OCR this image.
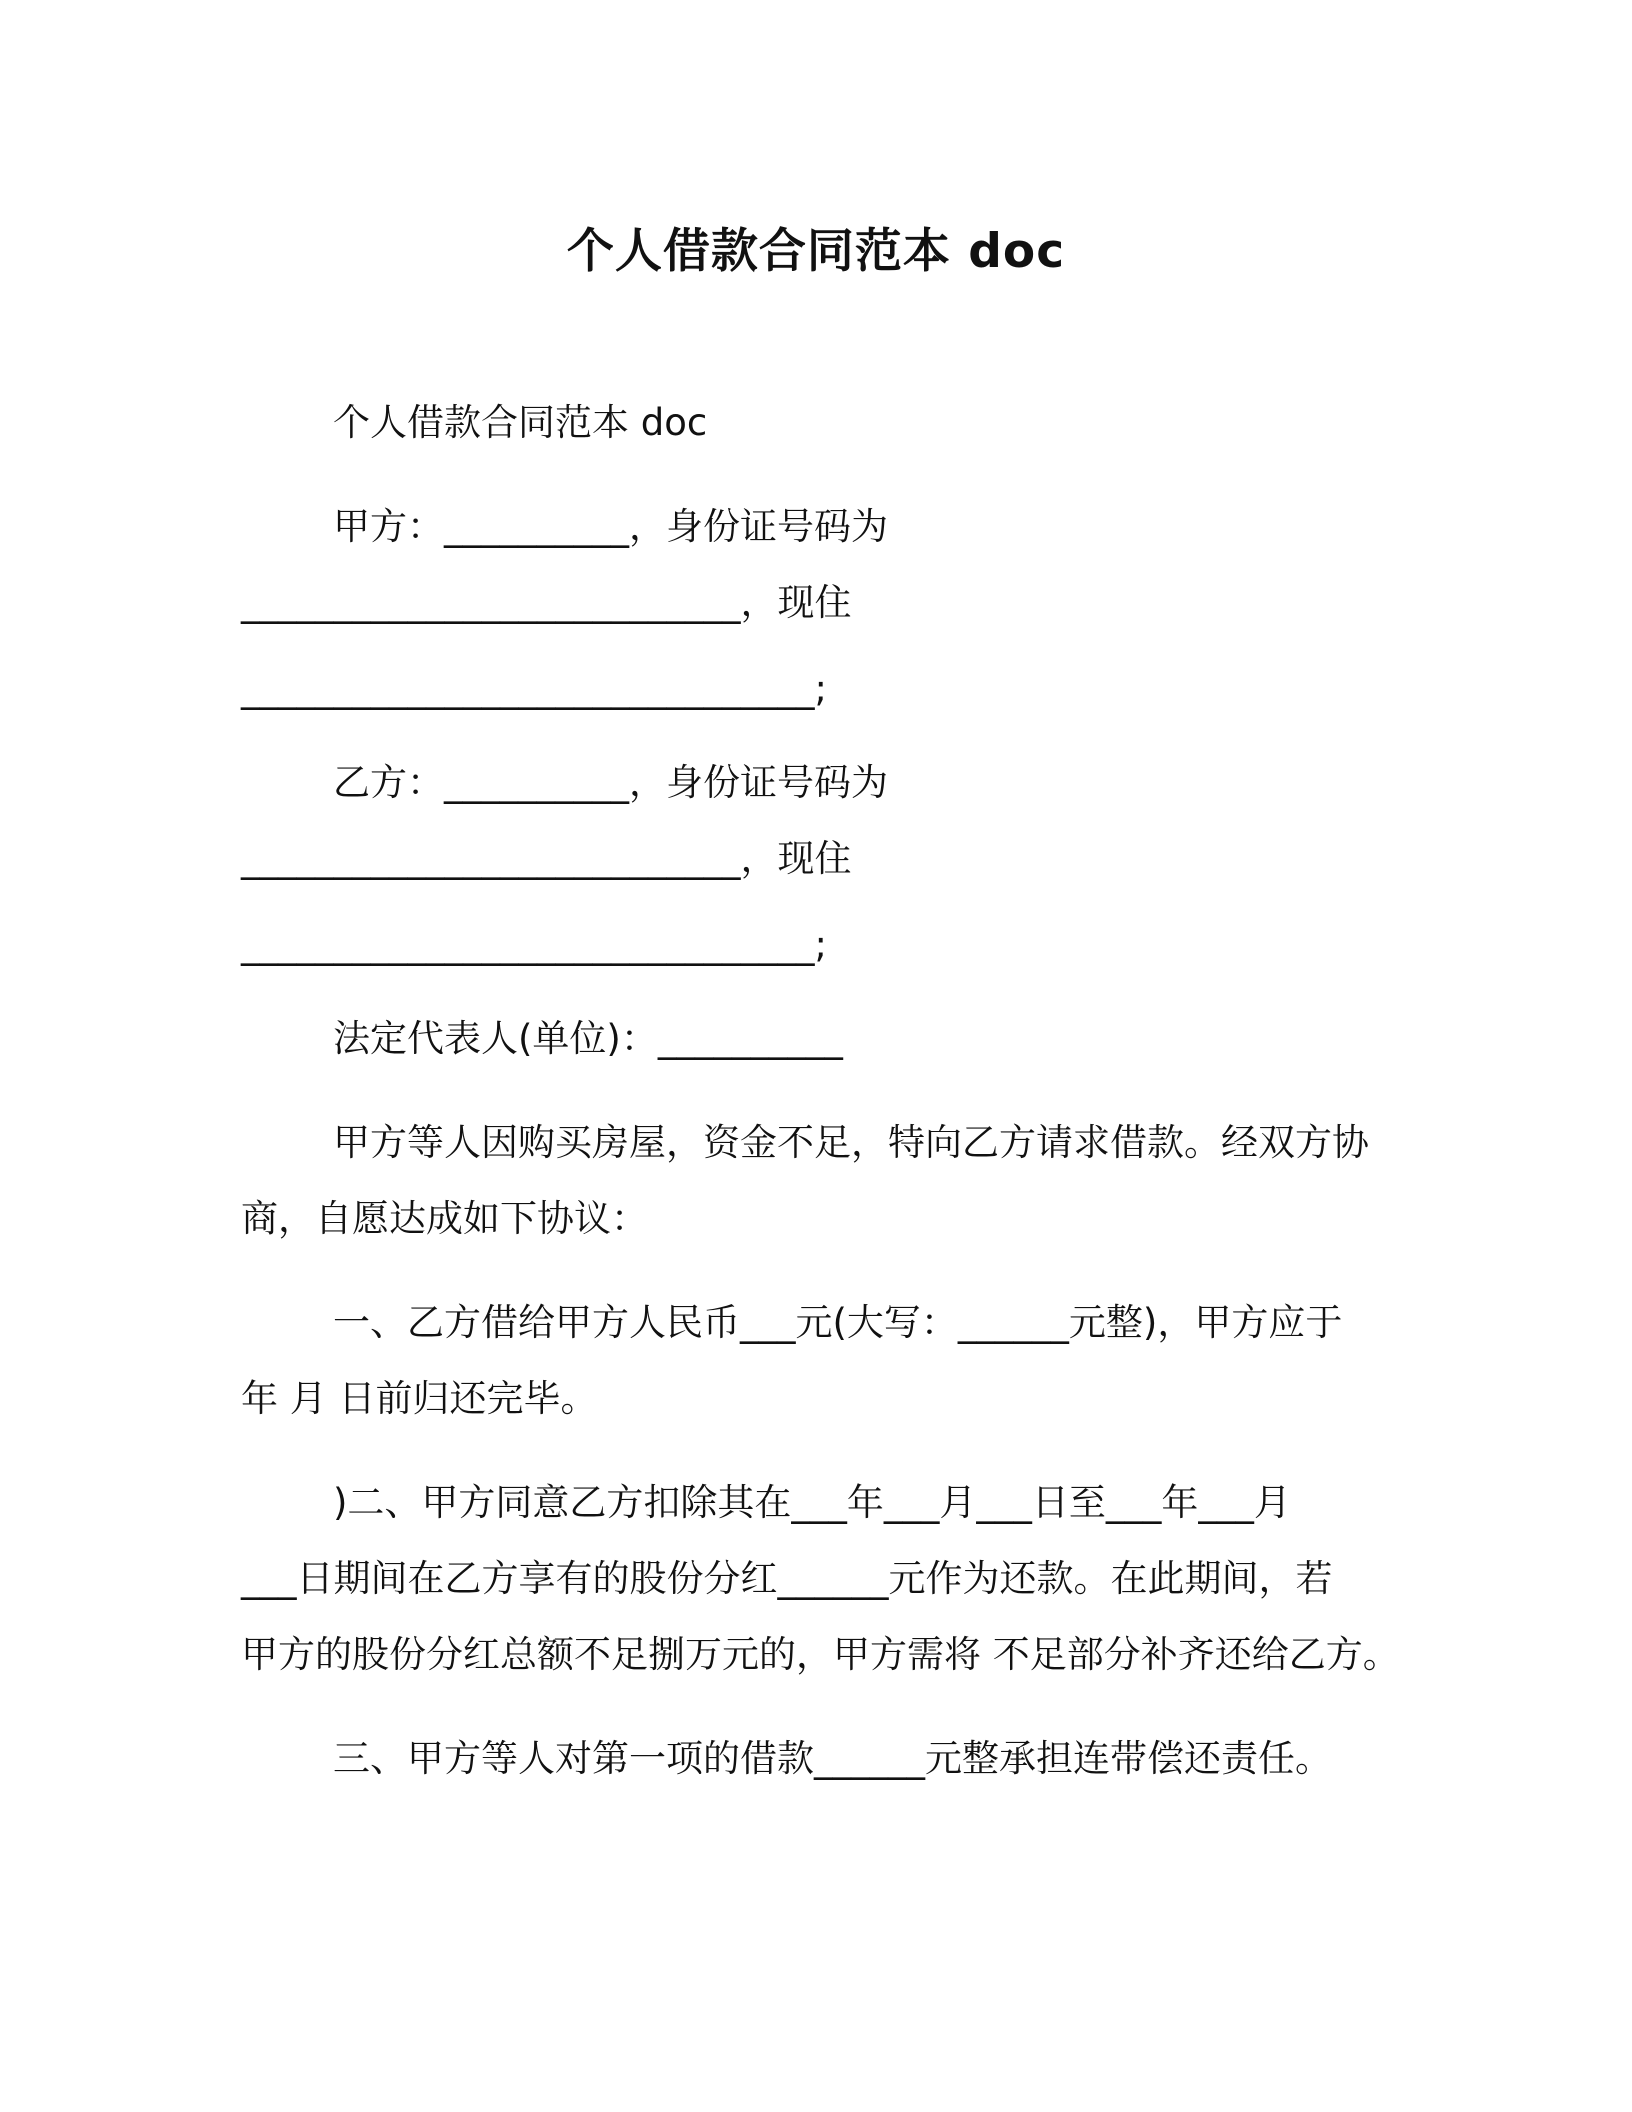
个人借款合同范本 doc
个人借款合同范本 doc
甲方：__________，身份证号码为
___________________________，现住
_______________________________;
乙方：__________，身份证号码为
___________________________，现住
_______________________________;
法定代表人(单位)：__________
甲方等人因购买房屋，资金不足，特向乙方请求借款。经双方协
商，自愿达成如下协议：
一、乙方借给甲方人民币___元(大写：______元整)，甲方应于
年 月 日前归还完毕。
)二、甲方同意乙方扣除其在___年___月___日至___年___月
___日期间在乙方享有的股份分红______元作为还款。在此期间，若
甲方的股份分红总额不足捌万元的，甲方需将 不足部分补齐还给乙方。
三、甲方等人对第一项的借款______元整承担连带偿还责任。
